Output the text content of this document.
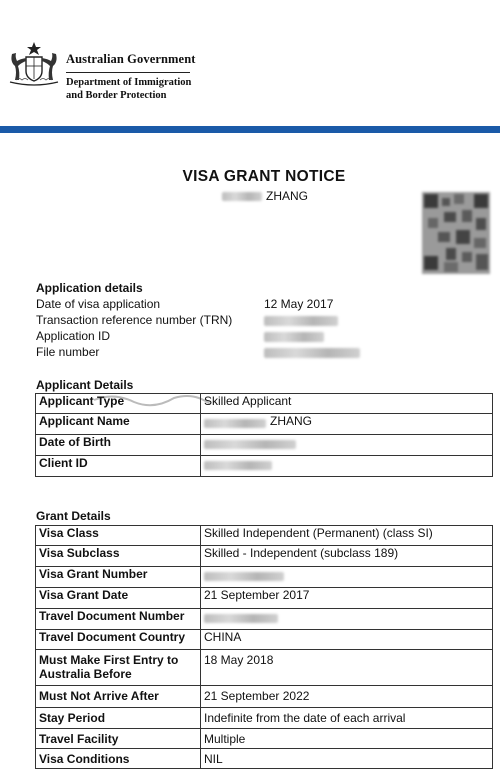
Australian Government
Department of Immigration
and Border Protection
VISA GRANT NOTICE
ZHANG
Application details
Date of visa application	12 May 2017
Transaction reference number (TRN)
Application ID
File number
Applicant Details
Applicant Type	Skilled Applicant
Applicant Name	ZHANG
Date of Birth	
Client ID	
Grant Details
Visa Class	Skilled Independent (Permanent) (class SI)
Visa Subclass	Skilled - Independent (subclass 189)
Visa Grant Number	
Visa Grant Date	21 September 2017
Travel Document Number	
Travel Document Country	CHINA
Must Make First Entry to Australia Before	18 May 2018
Must Not Arrive After	21 September 2022
Stay Period	Indefinite from the date of each arrival
Travel Facility	Multiple
Visa Conditions	NIL
